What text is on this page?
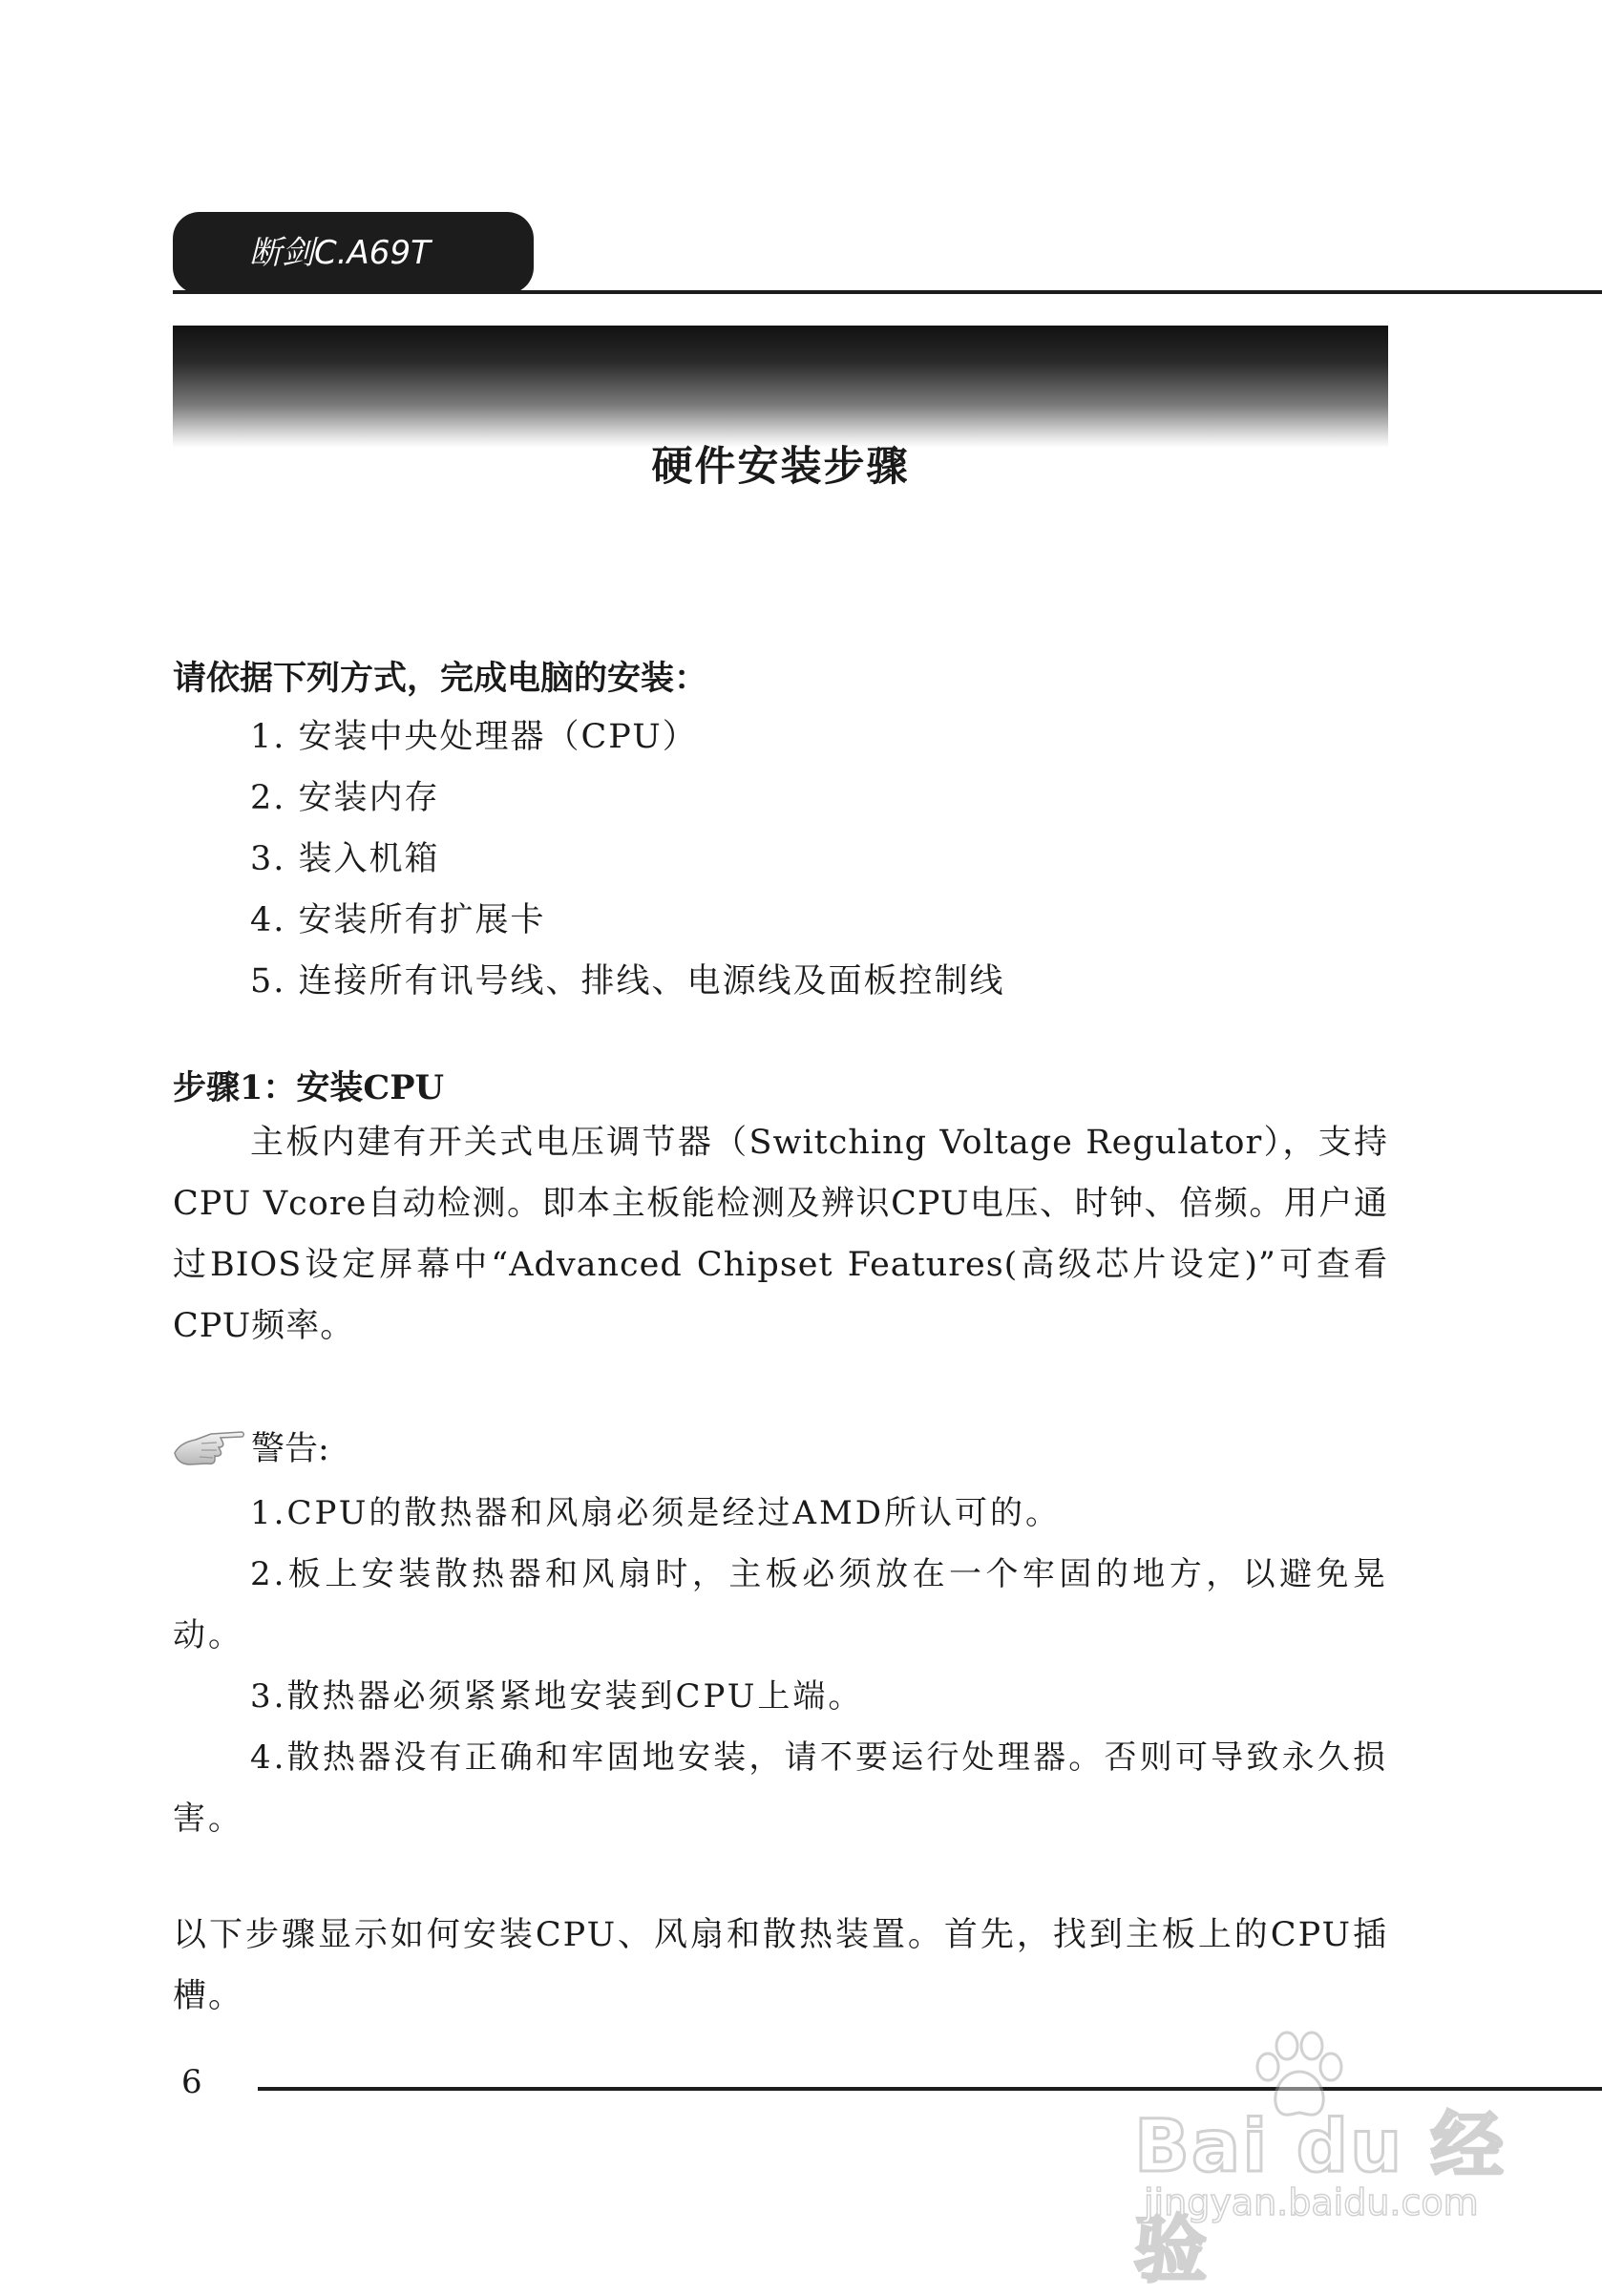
断剑C.A69T
硬件安装步骤

请依据下列方式，完成电脑的安装：

1. 安装中央处理器（CPU）
2. 安装内存
3. 装入机箱
4. 安装所有扩展卡
5. 连接所有讯号线、排线、电源线及面板控制线

步骤1：安装CPU

主板内建有开关式电压调节器（Switching Voltage Regulator），支持CPU Vcore自动检测。即本主板能检测及辨识CPU电压、时钟、倍频。用户通过BIOS设定屏幕中“Advanced Chipset Features(高级芯片设定)”可查看CPU频率。

警告:

1.CPU的散热器和风扇必须是经过AMD所认可的。

2.板上安装散热器和风扇时，主板必须放在一个牢固的地方，以避免晃动。

3.散热器必须紧紧地安装到CPU上端。

4.散热器没有正确和牢固地安装，请不要运行处理器。否则可导致永久损害。

以下步骤显示如何安装CPU、风扇和散热装置。首先，找到主板上的CPU插槽。

6

Bai du 经验
jingyan.baidu.com
